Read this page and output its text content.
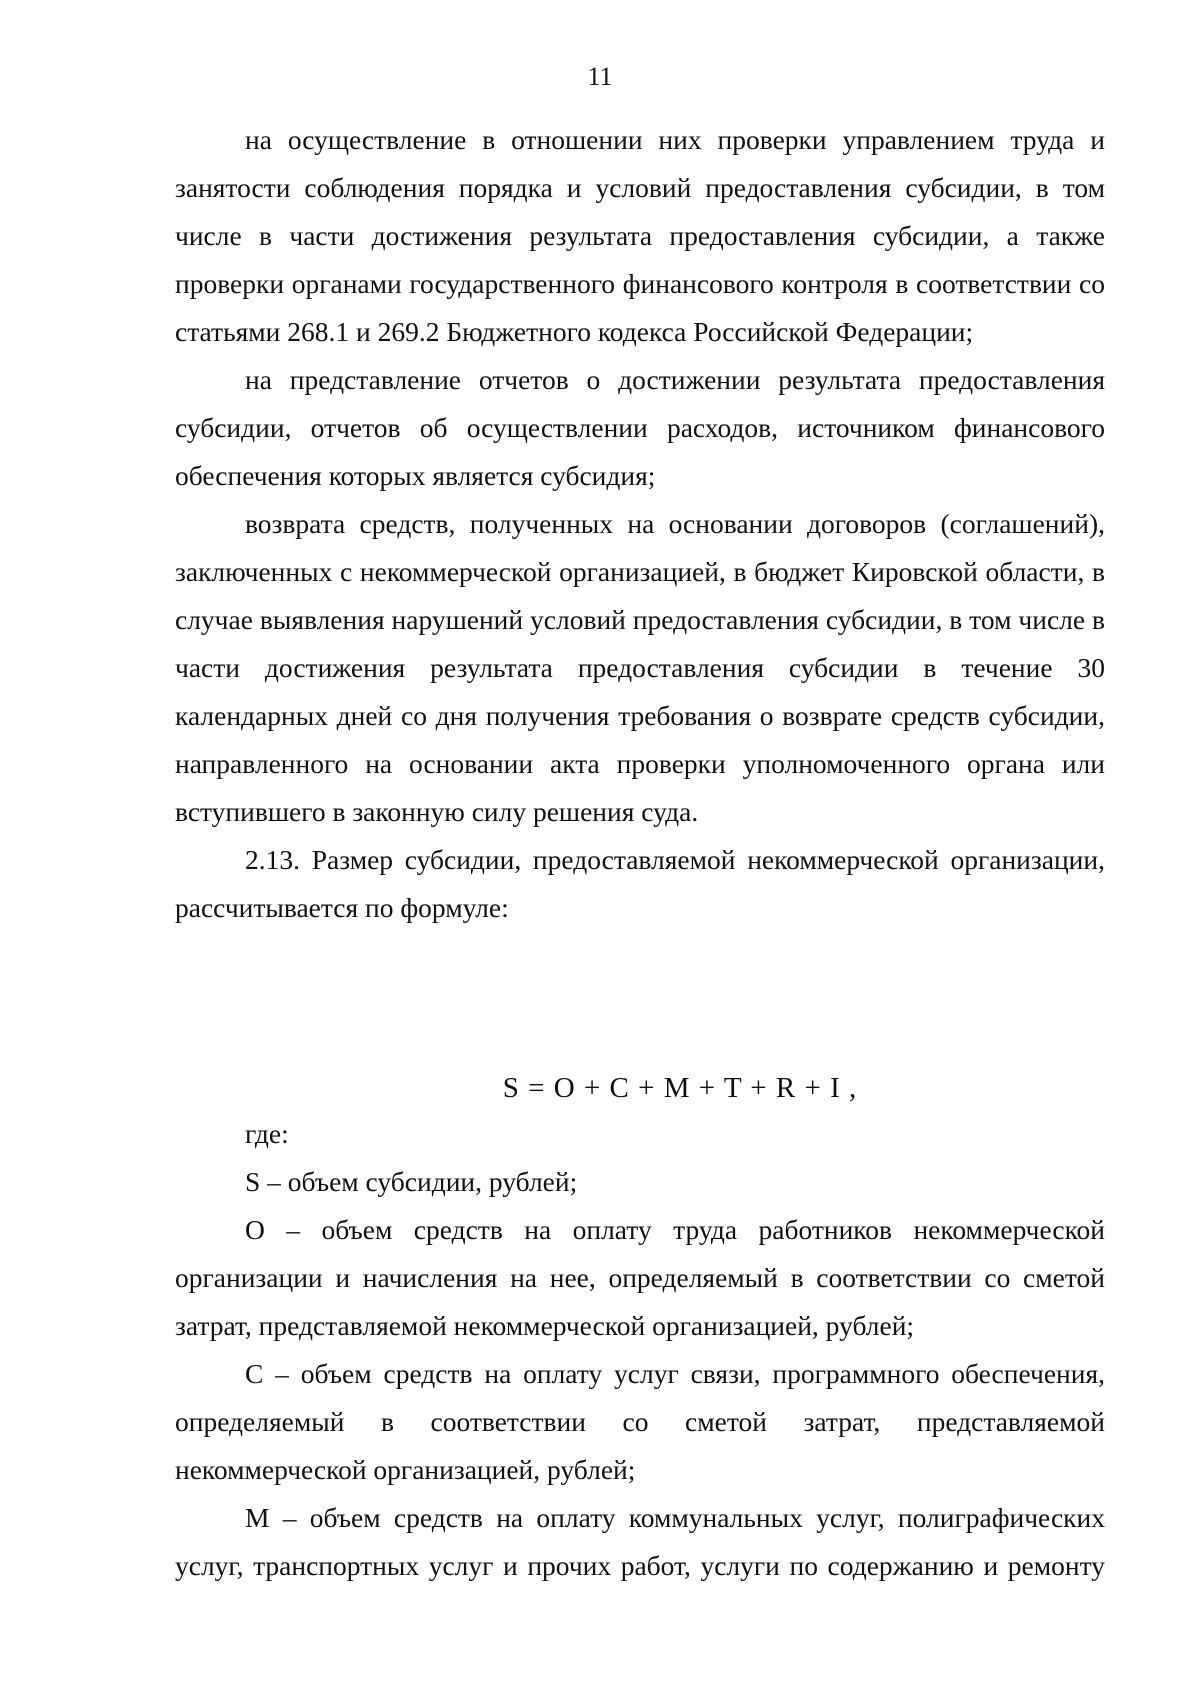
11

на осуществление в отношении них проверки управлением труда и занятости соблюдения порядка и условий предоставления субсидии, в том числе в части достижения результата предоставления субсидии, а также проверки органами государственного финансового контроля в соответствии со статьями 268.1 и 269.2 Бюджетного кодекса Российской Федерации;

на представление отчетов о достижении результата предоставления субсидии, отчетов об осуществлении расходов, источником финансового обеспечения которых является субсидия;

возврата средств, полученных на основании договоров (соглашений), заключенных с некоммерческой организацией, в бюджет Кировской области, в случае выявления нарушений условий предоставления субсидии, в том числе в части достижения результата предоставления субсидии в течение 30 календарных дней со дня получения требования о возврате средств субсидии, направленного на основании акта проверки уполномоченного органа или вступившего в законную силу решения суда.

2.13. Размер субсидии, предоставляемой некоммерческой организации, рассчитывается по формуле:

S = O + C + M + T + R + I ,

где:

S – объем субсидии, рублей;

O – объем средств на оплату труда работников некоммерческой организации и начисления на нее, определяемый в соответствии со сметой затрат, представляемой некоммерческой организацией, рублей;

C – объем средств на оплату услуг связи, программного обеспечения, определяемый в соответствии со сметой затрат, представляемой некоммерческой организацией, рублей;

M – объем средств на оплату коммунальных услуг, полиграфических услуг, транспортных услуг и прочих работ, услуги по содержанию и ремонту
